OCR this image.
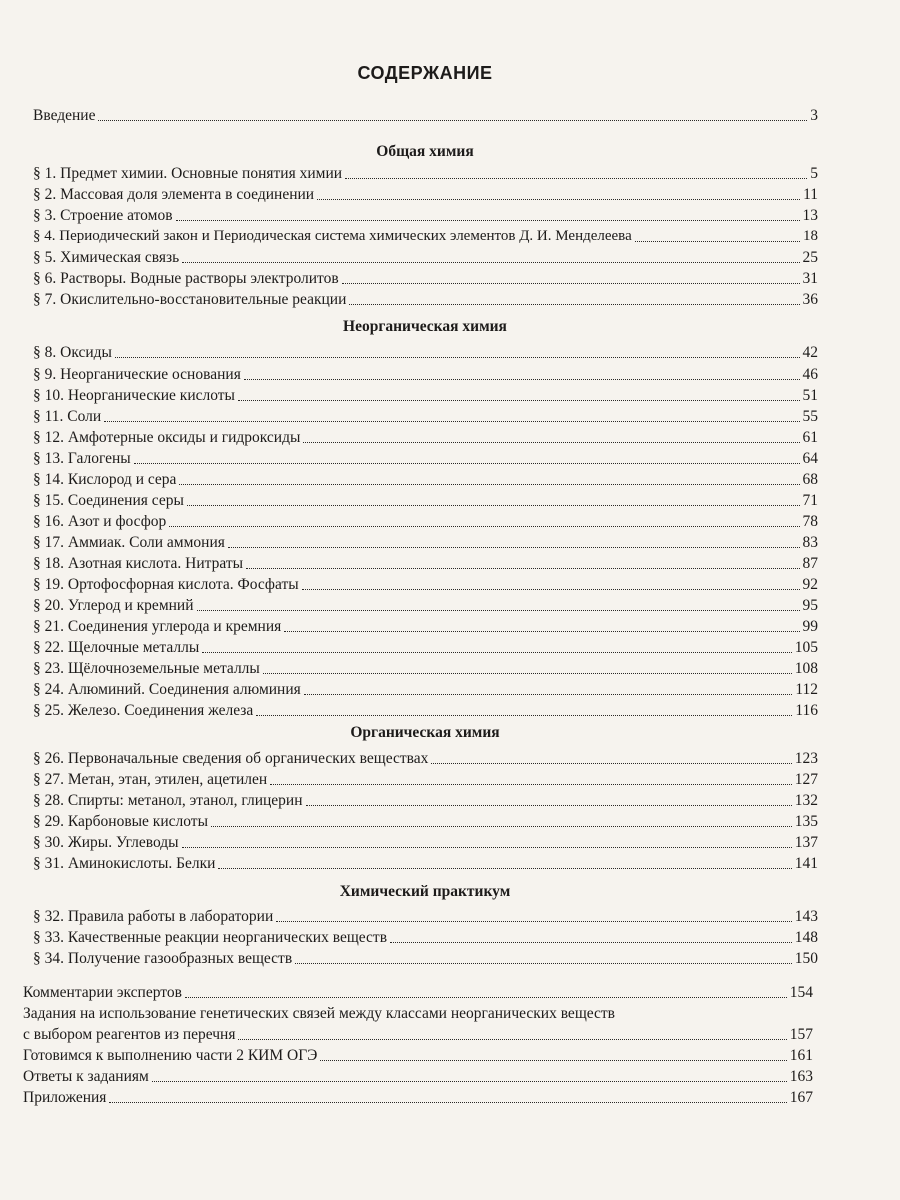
СОДЕРЖАНИЕ
Введение	3
Общая химия
§ 1. Предмет химии. Основные понятия химии	5
§ 2. Массовая доля элемента в соединении	11
§ 3. Строение атомов	13
§ 4. Периодический закон и Периодическая система химических элементов Д. И. Менделеева	18
§ 5. Химическая связь	25
§ 6. Растворы. Водные растворы электролитов	31
§ 7. Окислительно-восстановительные реакции	36
Неорганическая химия
§ 8. Оксиды	42
§ 9. Неорганические основания	46
§ 10. Неорганические кислоты	51
§ 11. Соли	55
§ 12. Амфотерные оксиды и гидроксиды	61
§ 13. Галогены	64
§ 14. Кислород и сера	68
§ 15. Соединения серы	71
§ 16. Азот и фосфор	78
§ 17. Аммиак. Соли аммония	83
§ 18. Азотная кислота. Нитраты	87
§ 19. Ортофосфорная кислота. Фосфаты	92
§ 20. Углерод и кремний	95
§ 21. Соединения углерода и кремния	99
§ 22. Щелочные металлы	105
§ 23. Щёлочноземельные металлы	108
§ 24. Алюминий. Соединения алюминия	112
§ 25. Железо. Соединения железа	116
Органическая химия
§ 26. Первоначальные сведения об органических веществах	123
§ 27. Метан, этан, этилен, ацетилен	127
§ 28. Спирты: метанол, этанол, глицерин	132
§ 29. Карбоновые кислоты	135
§ 30. Жиры. Углеводы	137
§ 31. Аминокислоты. Белки	141
Химический практикум
§ 32. Правила работы в лаборатории	143
§ 33. Качественные реакции неорганических веществ	148
§ 34. Получение газообразных веществ	150
Комментарии экспертов	154
Задания на использование генетических связей между классами неорганических веществ
с выбором реагентов из перечня	157
Готовимся к выполнению части 2 КИМ ОГЭ	161
Ответы к заданиям	163
Приложения	167
